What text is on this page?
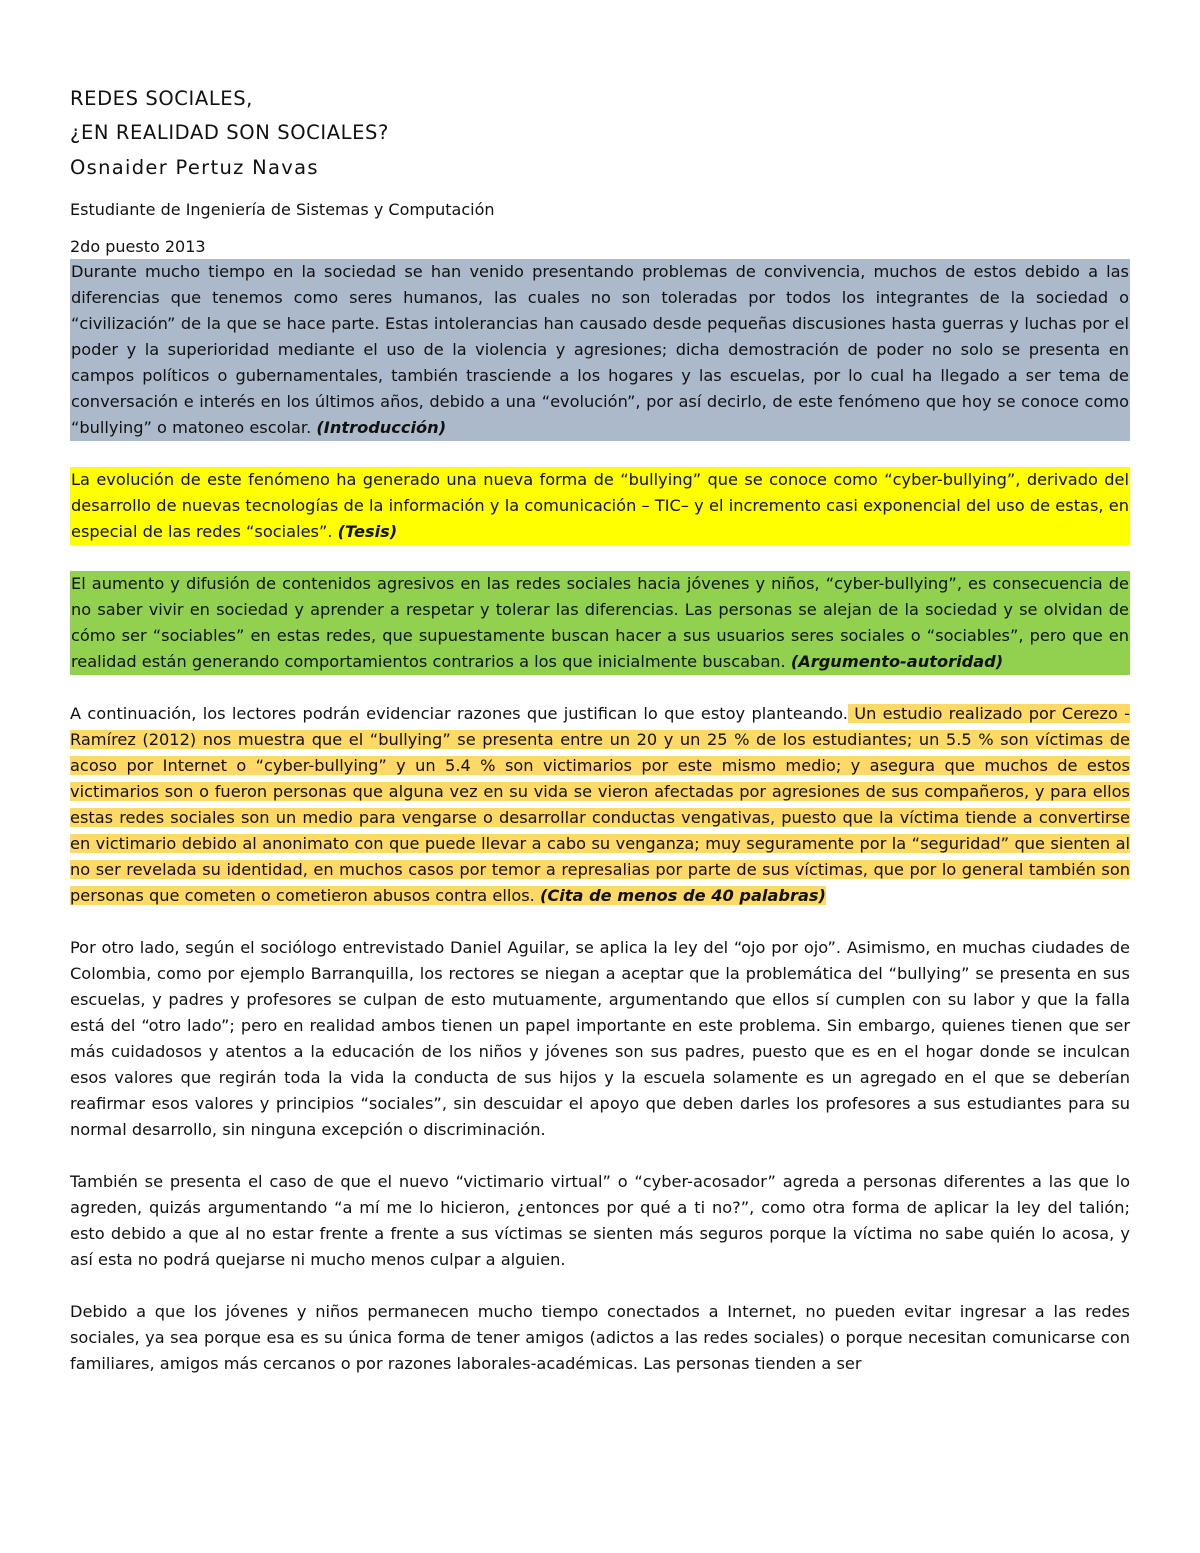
REDES SOCIALES,
¿EN REALIDAD SON SOCIALES?
Osnaider Pertuz Navas
Estudiante de Ingeniería de Sistemas y Computación
2do puesto 2013

Durante mucho tiempo en la sociedad se han venido presentando problemas de convivencia, muchos de estos debido a las diferencias que tenemos como seres humanos, las cuales no son toleradas por todos los integrantes de la sociedad o “civilización” de la que se hace parte. Estas intolerancias han causado desde pequeñas discusiones hasta guerras y luchas por el poder y la superioridad mediante el uso de la violencia y agresiones; dicha demostración de poder no solo se presenta en campos políticos o gubernamentales, también trasciende a los hogares y las escuelas, por lo cual ha llegado a ser tema de conversación e interés en los últimos años, debido a una “evolución”, por así decirlo, de este fenómeno que hoy se conoce como “bullying” o matoneo escolar. (Introducción)

La evolución de este fenómeno ha generado una nueva forma de “bullying” que se conoce como “cyber-bullying”, derivado del desarrollo de nuevas tecnologías de la información y la comunicación – TIC– y el incremento casi exponencial del uso de estas, en especial de las redes “sociales”. (Tesis)

El aumento y difusión de contenidos agresivos en las redes sociales hacia jóvenes y niños, “cyber-bullying”, es consecuencia de no saber vivir en sociedad y aprender a respetar y tolerar las diferencias. Las personas se alejan de la sociedad y se olvidan de cómo ser “sociables” en estas redes, que supuestamente buscan hacer a sus usuarios seres sociales o “sociables”, pero que en realidad están generando comportamientos contrarios a los que inicialmente buscaban. (Argumento-autoridad)

A continuación, los lectores podrán evidenciar razones que justifican lo que estoy planteando. Un estudio realizado por Cerezo - Ramírez (2012) nos muestra que el “bullying” se presenta entre un 20 y un 25 % de los estudiantes; un 5.5 % son víctimas de acoso por Internet o “cyber-bullying” y un 5.4 % son victimarios por este mismo medio; y asegura que muchos de estos victimarios son o fueron personas que alguna vez en su vida se vieron afectadas por agresiones de sus compañeros, y para ellos estas redes sociales son un medio para vengarse o desarrollar conductas vengativas, puesto que la víctima tiende a convertirse en victimario debido al anonimato con que puede llevar a cabo su venganza; muy seguramente por la “seguridad” que sienten al no ser revelada su identidad, en muchos casos por temor a represalias por parte de sus víctimas, que por lo general también son personas que cometen o cometieron abusos contra ellos. (Cita de menos de 40 palabras)

Por otro lado, según el sociólogo entrevistado Daniel Aguilar, se aplica la ley del “ojo por ojo”. Asimismo, en muchas ciudades de Colombia, como por ejemplo Barranquilla, los rectores se niegan a aceptar que la problemática del “bullying” se presenta en sus escuelas, y padres y profesores se culpan de esto mutuamente, argumentando que ellos sí cumplen con su labor y que la falla está del “otro lado”; pero en realidad ambos tienen un papel importante en este problema. Sin embargo, quienes tienen que ser más cuidadosos y atentos a la educación de los niños y jóvenes son sus padres, puesto que es en el hogar donde se inculcan esos valores que regirán toda la vida la conducta de sus hijos y la escuela solamente es un agregado en el que se deberían reafirmar esos valores y principios “sociales”, sin descuidar el apoyo que deben darles los profesores a sus estudiantes para su normal desarrollo, sin ninguna excepción o discriminación.

También se presenta el caso de que el nuevo “victimario virtual” o “cyber-acosador” agreda a personas diferentes a las que lo agreden, quizás argumentando “a mí me lo hicieron, ¿entonces por qué a ti no?”, como otra forma de aplicar la ley del talión; esto debido a que al no estar frente a frente a sus víctimas se sienten más seguros porque la víctima no sabe quién lo acosa, y así esta no podrá quejarse ni mucho menos culpar a alguien.

Debido a que los jóvenes y niños permanecen mucho tiempo conectados a Internet, no pueden evitar ingresar a las redes sociales, ya sea porque esa es su única forma de tener amigos (adictos a las redes sociales) o porque necesitan comunicarse con familiares, amigos más cercanos o por razones laborales-académicas. Las personas tienden a ser
